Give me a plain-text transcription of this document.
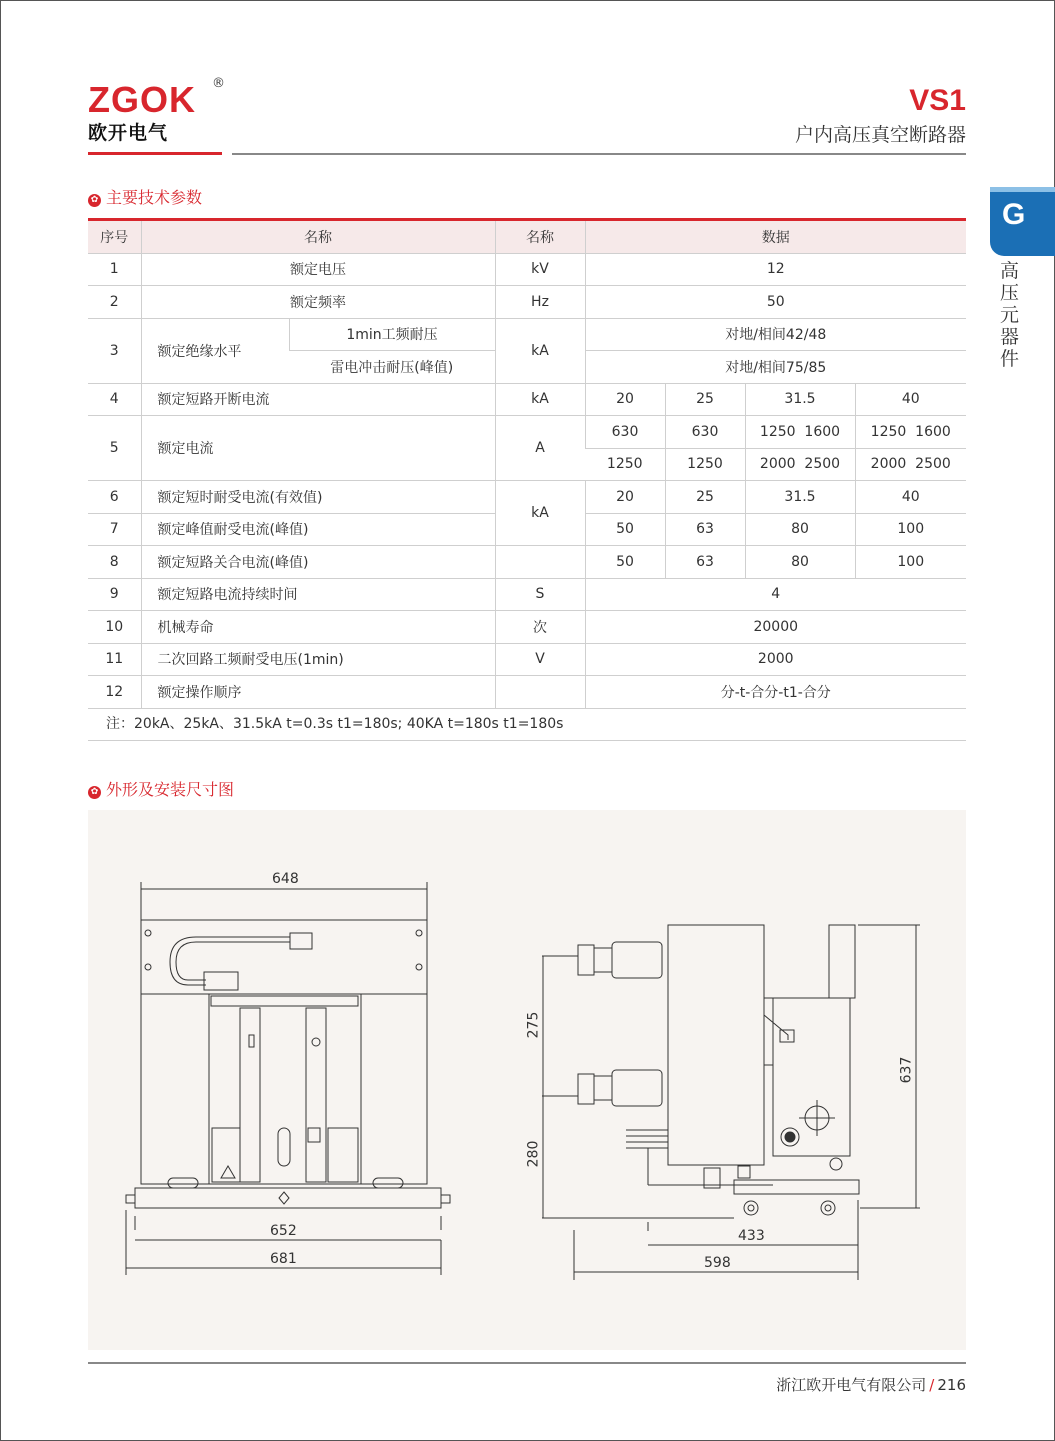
ZGOK ®
欧开电气
VS1
户内高压真空断路器
G
高压元器件
✿ 主要技术参数
序号	名称		名称	数据			
1	额定电压		kV	12			
2	额定频率		Hz	50			
3	额定绝缘水平	1min工频耐压	kA	对地/相间42/48			
		雷电冲击耐压(峰值)		对地/相间75/85			
4	额定短路开断电流		kA	20	25	31.5	40
5	额定电流		A	630	630	1250  1600	1250  1600
				1250	1250	2000  2500	2000  2500
6	额定短时耐受电流(有效值)		kA	20	25	31.5	40
7	额定峰值耐受电流(峰值)			50	63	80	100
8	额定短路关合电流(峰值)			50	63	80	100
9	额定短路电流持续时间		S	4			
10	机械寿命		次	20000			
11	二次回路工频耐受电压(1min)		V	2000			
12	额定操作顺序			分-t-合分-t1-合分			
注：20kA、25kA、31.5kA t=0.3s t1=180s; 40KA t=180s t1=180s
✿ 外形及安装尺寸图
648
652
681
275
280
637
433
598
浙江欧开电气有限公司 / 216
